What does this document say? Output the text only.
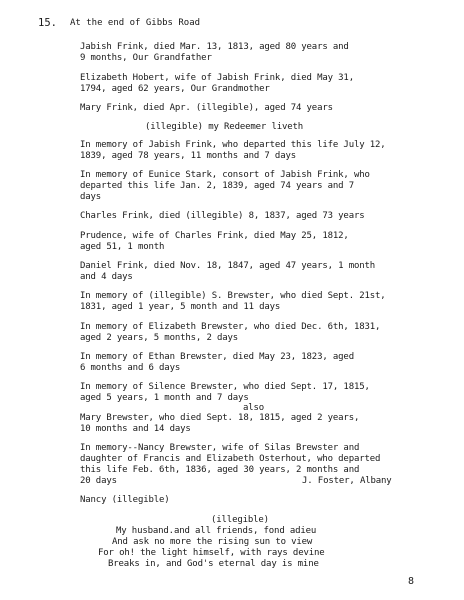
15. At the end of Gibbs Road
Jabish Frink, died Mar. 13, 1813, aged 80 years and
9 months, Our Grandfather
Elizabeth Hobert, wife of Jabish Frink, died May 31,
1794, aged 62 years, Our Grandmother
Mary Frink, died Apr. (illegible), aged 74 years
(illegible) my Redeemer liveth
In memory of Jabish Frink, who departed this life July 12,
1839, aged 78 years, 11 months and 7 days
In memory of Eunice Stark, consort of Jabish Frink, who
departed this life Jan. 2, 1839, aged 74 years and 7
days
Charles Frink, died (illegible) 8, 1837, aged 73 years
Prudence, wife of Charles Frink, died May 25, 1812,
aged 51, 1 month
Daniel Frink, died Nov. 18, 1847, aged 47 years, 1 month
and 4 days
In memory of (illegible) S. Brewster, who died Sept. 21st,
1831, aged 1 year, 5 month and 11 days
In memory of Elizabeth Brewster, who died Dec. 6th, 1831,
aged 2 years, 5 months, 2 days
In memory of Ethan Brewster, died May 23, 1823, aged
6 months and 6 days
In memory of Silence Brewster, who died Sept. 17, 1815,
aged 5 years, 1 month and 7 days
also
Mary Brewster, who died Sept. 18, 1815, aged 2 years,
10 months and 14 days
In memory--Nancy Brewster, wife of Silas Brewster and
daughter of Francis and Elizabeth Osterhout, who departed
this life Feb. 6th, 1836, aged 30 years, 2 months and
20 days	J. Foster, Albany
Nancy (illegible)
(illegible)
My husband.and all friends, fond adieu
And ask no more the rising sun to view
For oh! the light himself, with rays devine
Breaks in, and God's eternal day is mine
8
